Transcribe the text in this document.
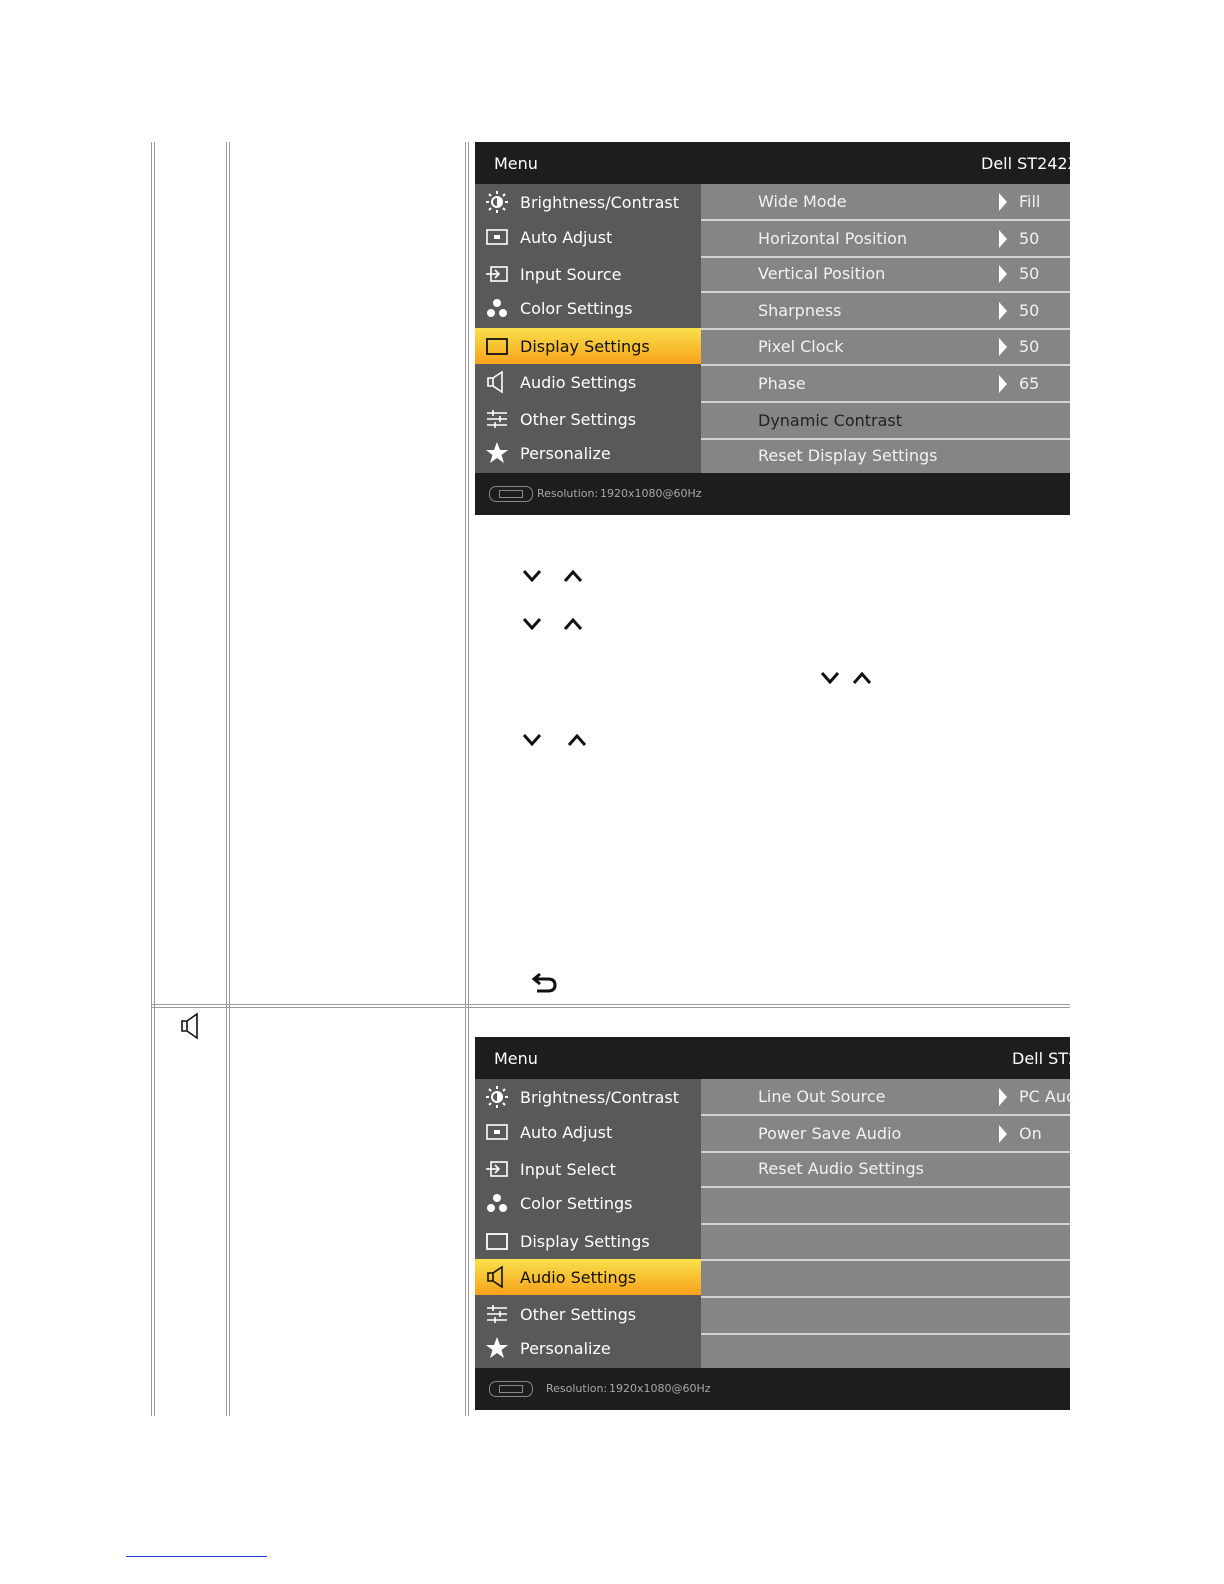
Menu	Dell ST242X
Brightness/Contrast
Auto Adjust
Input Source
Color Settings
Display Settings
Audio Settings
Other Settings
Personalize
Wide Mode	Fill
Horizontal Position	50
Vertical Position	50
Sharpness	50
Pixel Clock	50
Phase	65
Dynamic Contrast
Reset Display Settings
Resolution: 1920x1080@60Hz
Menu	Dell ST2
Brightness/Contrast
Auto Adjust
Input Select
Color Settings
Display Settings
Audio Settings
Other Settings
Personalize
Line Out Source	PC Auc
Power Save Audio	On
Reset Audio Settings
Resolution: 1920x1080@60Hz
